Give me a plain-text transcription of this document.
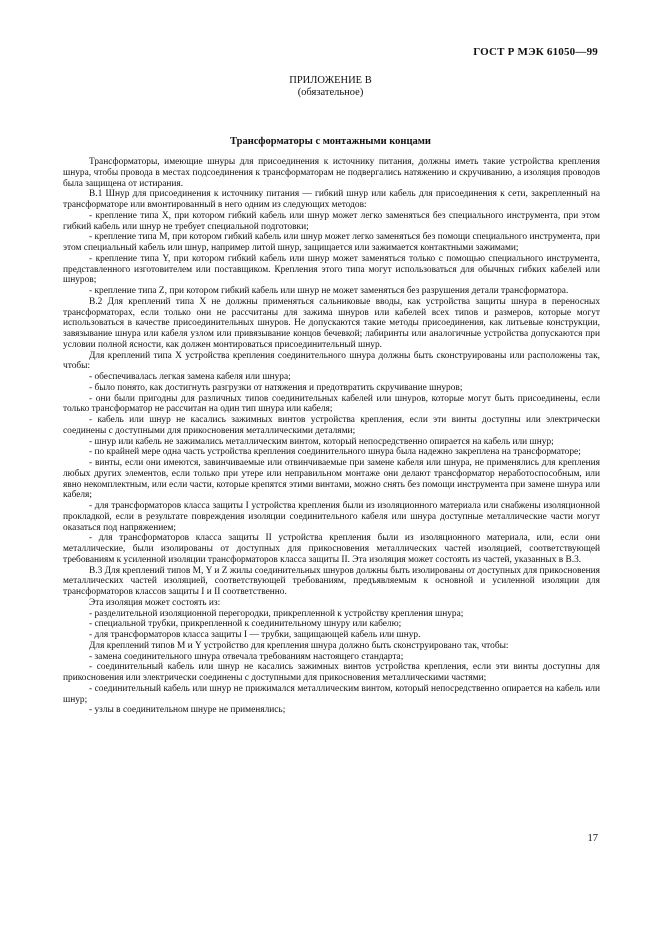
ГОСТ Р МЭК 61050—99
ПРИЛОЖЕНИЕ В
(обязательное)
Трансформаторы с монтажными концами

Трансформаторы, имеющие шнуры для присоединения к источнику питания, должны иметь такие устройства крепления шнура, чтобы провода в местах подсоединения к трансформаторам не подвергались натяжению и скручиванию, а изоляция проводов была защищена от истирания.

В.1 Шнур для присоединения к источнику питания — гибкий шнур или кабель для присоединения к сети, закрепленный на трансформаторе или вмонтированный в него одним из следующих методов:

- крепление типа X, при котором гибкий кабель или шнур может легко заменяться без специального инструмента, при этом гибкий кабель или шнур не требует специальной подготовки;

- крепление типа М, при котором гибкий кабель или шнур может легко заменяться без помощи специального инструмента, при этом специальный кабель или шнур, например литой шнур, защищается или зажимается контактными зажимами;

- крепление типа Y, при котором гибкий кабель или шнур может заменяться только с помощью специального инструмента, представленного изготовителем или поставщиком. Крепления этого типа могут использоваться для обычных гибких кабелей или шнуров;

- крепление типа Z, при котором гибкий кабель или шнур не может заменяться без разрушения детали трансформатора.

В.2 Для креплений типа X не должны применяться сальниковые вводы, как устройства защиты шнура в переносных трансформаторах, если только они не рассчитаны для зажима шнуров или кабелей всех типов и размеров, которые могут использоваться в качестве присоединительных шнуров. Не допускаются такие методы присоединения, как литьевые конструкции, завязывание шнура или кабеля узлом или привязывание концов бечевкой; лабиринты или аналогичные устройства допускаются при условии полной ясности, как должен монтироваться присоединительный шнур.

Для креплений типа X устройства крепления соединительного шнура должны быть сконструированы или расположены так, чтобы:

- обеспечивалась легкая замена кабеля или шнура;

- было понято, как достигнуть разгрузки от натяжения и предотвратить скручивание шнуров;

- они были пригодны для различных типов соединительных кабелей или шнуров, которые могут быть присоединены, если только трансформатор не рассчитан на один тип шнура или кабеля;

- кабель или шнур не касались зажимных винтов устройства крепления, если эти винты доступны или электрически соединены с доступными для прикосновения металлическими деталями;

- шнур или кабель не зажимались металлическим винтом, который непосредственно опирается на кабель или шнур;

- по крайней мере одна часть устройства крепления соединительного шнура была надежно закреплена на трансформаторе;

- винты, если они имеются, завинчиваемые или отвинчиваемые при замене кабеля или шнура, не применялись для крепления любых других элементов, если только при утере или неправильном монтаже они делают трансформатор неработоспособным, или явно некомплектным, или если части, которые крепятся этими винтами, можно снять без помощи инструмента при замене шнура или кабеля;

- для трансформаторов класса защиты I устройства крепления были из изоляционного материала или снабжены изоляционной прокладкой, если в результате повреждения изоляции соединительного кабеля или шнура доступные металлические части могут оказаться под напряжением;

- для трансформаторов класса защиты II устройства крепления были из изоляционного материала, или, если они металлические, были изолированы от доступных для прикосновения металлических частей изоляцией, соответствующей требованиям к усиленной изоляции трансформаторов класса защиты II. Эта изоляция может состоять из частей, указанных в В.3.

В.3 Для креплений типов М, Y и Z жилы соединительных шнуров должны быть изолированы от доступных для прикосновения металлических частей изоляцией, соответствующей требованиям, предъявляемым к основной и усиленной изоляции для трансформаторов классов защиты I и II соответственно.

Эта изоляция может состоять из:

- разделительной изоляционной перегородки, прикрепленной к устройству крепления шнура;

- специальной трубки, прикрепленной к соединительному шнуру или кабелю;

- для трансформаторов класса защиты I — трубки, защищающей кабель или шнур.

Для креплений типов М и Y устройство для крепления шнура должно быть сконструировано так, чтобы:

- замена соединительного шнура отвечала требованиям настоящего стандарта;

- соединительный кабель или шнур не касались зажимных винтов устройства крепления, если эти винты доступны для прикосновения или электрически соединены с доступными для прикосновения металлическими частями;

- соединительный кабель или шнур не прижимался металлическим винтом, который непосредственно опирается на кабель или шнур;

- узлы в соединительном шнуре не применялись;

17
